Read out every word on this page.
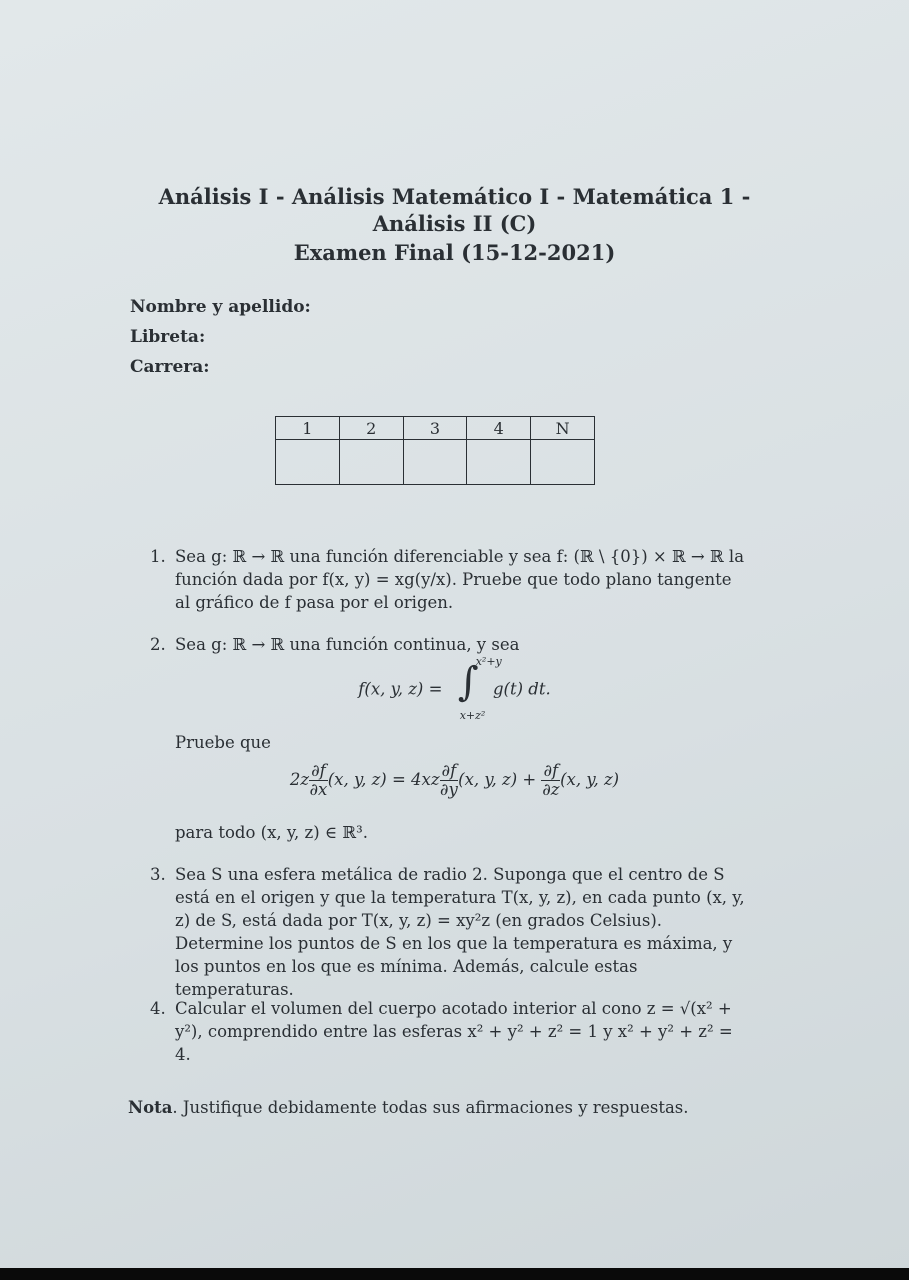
Análisis I - Análisis Matemático I - Matemática 1 -
Análisis II (C)
Examen Final (15-12-2021)
Nombre y apellido:
Libreta:
Carrera:
1	2	3	4	N

1. Sea g: ℝ → ℝ una función diferenciable y sea f: (ℝ \ {0}) × ℝ → ℝ la función dada por f(x, y) = xg(y/x). Pruebe que todo plano tangente al gráfico de f pasa por el origen.
2. Sea g: ℝ → ℝ una función continua, y sea
f(x, y, z) = ∫
x²+y
x+z²
g(t) dt.
Pruebe que
$2z \frac{\partial f}{\partial x} (x$, y, $z) = 4xz \frac{\partial f}{\partial y} (x$, y, $z) + \frac{\partial f}{\partial z} (x$, y, z)
para todo (x, y, z) ∈ ℝ³.
3. Sea S una esfera metálica de radio 2. Suponga que el centro de S está en el origen y que la temperatura T(x, y, z), en cada punto (x, y, z) de S, está dada por T(x, y, z) = xy²z (en grados Celsius). Determine los puntos de S en los que la temperatura es máxima, y los puntos en los que es mínima. Además, calcule estas temperaturas.
4. Calcular el volumen del cuerpo acotado interior al cono z = √(x² + y²), comprendido entre las esferas x² + y² + z² = 1 y x² + y² + z² = 4.
Nota. Justifique debidamente todas sus afirmaciones y respuestas.
